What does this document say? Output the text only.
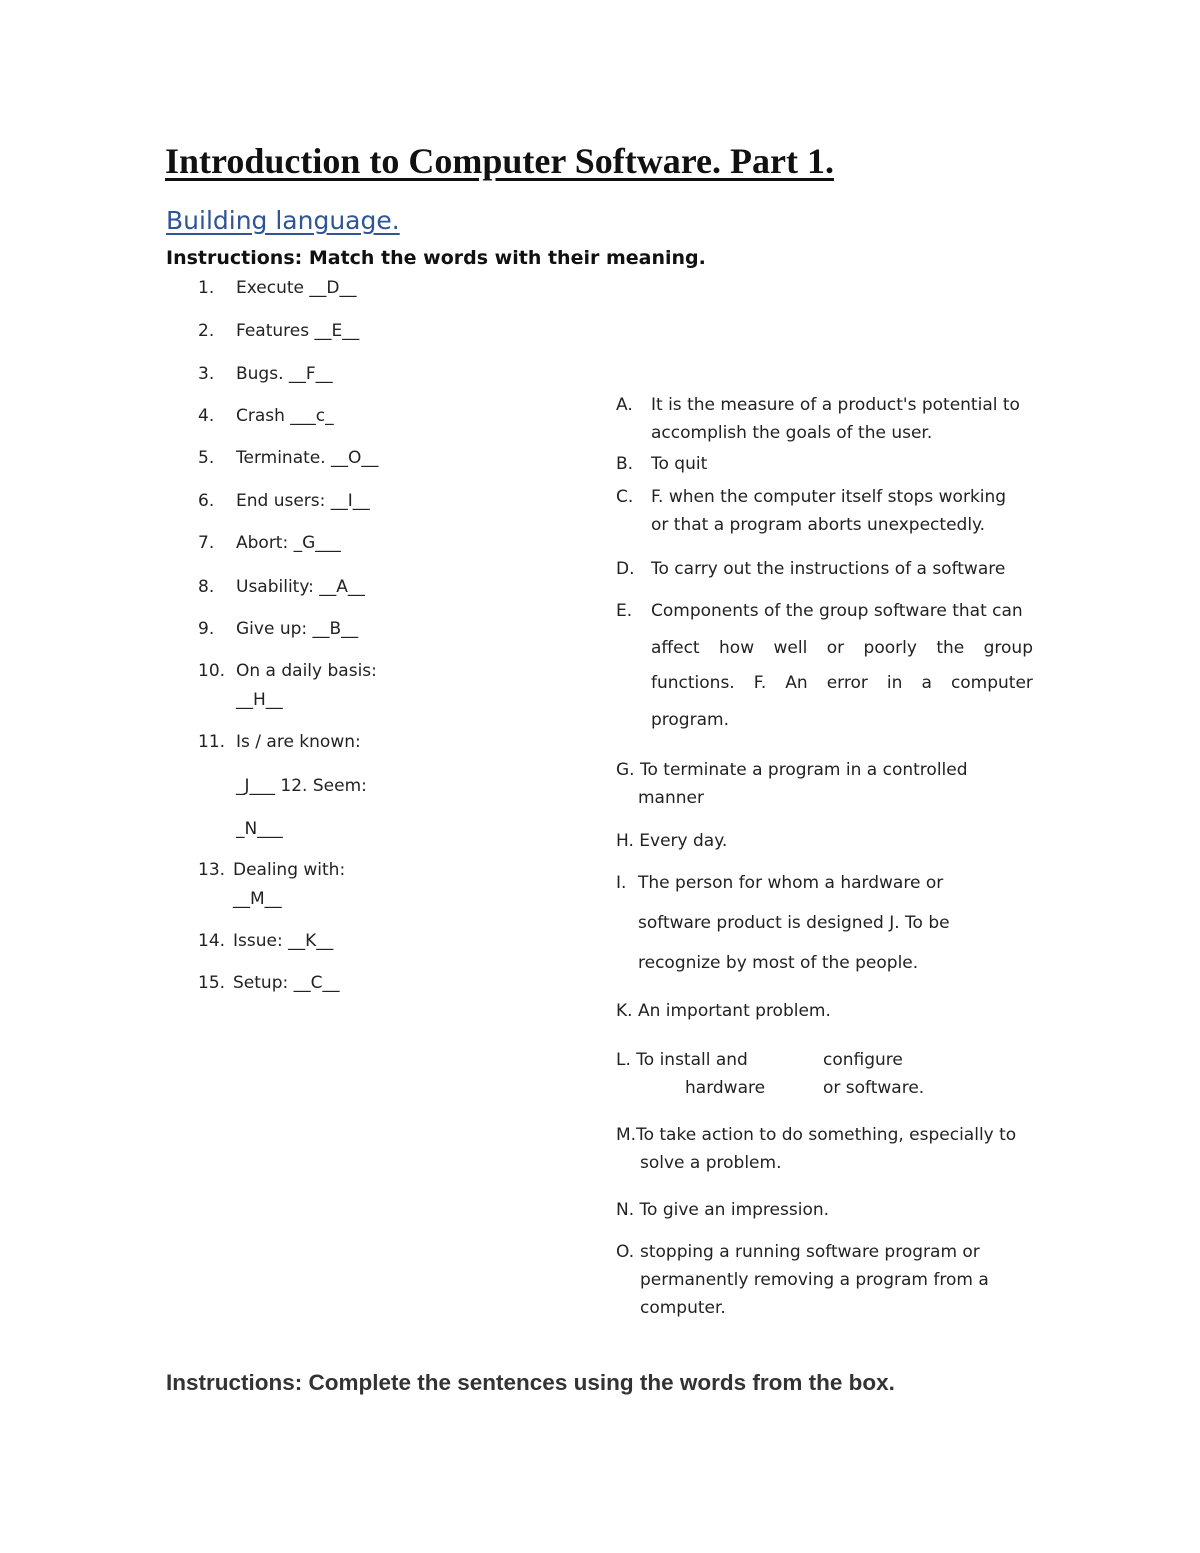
Introduction to Computer Software. Part 1.
Building language.
Instructions: Match the words with their meaning.
1. Execute __D__
2. Features __E__
3. Bugs. __F__
4. Crash ___c_
5. Terminate. __O__
6. End users: __I__
7. Abort: _G___
8. Usability: __A__
9. Give up: __B__
10. On a daily basis:
__H__
11. Is / are known:
_J___ 12. Seem:
_N___
13. Dealing with:
__M__
14. Issue: __K__
15. Setup: __C__
A. It is the measure of a product's potential to
accomplish the goals of the user.
B. To quit
C. F. when the computer itself stops working
or that a program aborts unexpectedly.
D. To carry out the instructions of a software
E. Components of the group software that can
affect how well or poorly the group
functions. F. An error in a computer
program.
G. To terminate a program in a controlled
manner
H. Every day.
I. The person for whom a hardware or
software product is designed J. To be
recognize by most of the people.
K. An important problem.
L. To install and	configure
hardware	or software.
M.To take action to do something, especially to
solve a problem.
N. To give an impression.
O. stopping a running software program or
permanently removing a program from a
computer.
Instructions: Complete the sentences using the words from the box.
